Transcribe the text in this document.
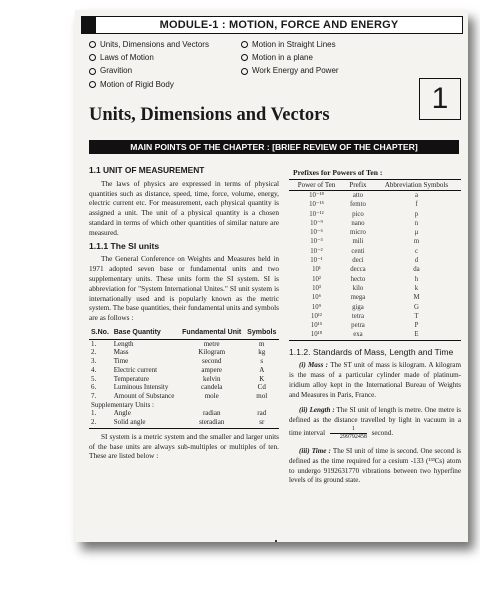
MODULE-1 : MOTION, FORCE AND ENERGY
Units, Dimensions and Vectors
Laws of Motion
Gravition
Motion of Rigid Body
Motion in Straight Lines
Motion in a plane
Work Energy and Power
1
Units, Dimensions and Vectors
MAIN POINTS OF THE CHAPTER : [BRIEF REVIEW OF THE CHAPTER]
1.1 UNIT OF MEASUREMENT

The laws of physics are expressed in terms of physical quantities such as distance, speed, time, force, volume, energy, electric current etc. For measurement, each physical quantity is assigned a unit. The unit of a physical quantity is a chosen standard in terms of which other quantities of similar nature are measured.

1.1.1 The SI units

The General Conference on Weights and Measures held in 1971 adopted seven base or fundamental units and two supplementary units. These units form the SI system. SI is abbreviation for "System International Unites." SI unit system is internationally used and is popularly known as the metric system. The base quantities, their fundamental units and symbols are as follows :

S.No.	Base Quantity	Fundamental Unit	Symbols
1.	Length	metre	m
2.	Mass	Kilogram	kg
3.	Time	second	s
4.	Electric current	ampere	A
5.	Temperature	kelvin	K
6.	Luminous Intensity	candela	Cd
7.	Amount of Substance	mole	mol
Supplementary Units :			
1.	Angle	radian	rad
2.	Solid angle	steradian	sr

SI system is a metric system and the smaller and larger units of the base units are always sub-multiples or multiples of ten. These are listed below :

Prefixes for Powers of Ten :
Power of Ten	Prefix	Abbreviation Symbols
10⁻¹⁸	atto	a
10⁻¹⁵	femto	f
10⁻¹²	pico	p
10⁻⁹	nano	n
10⁻⁶	micro	μ
10⁻³	mili	m
10⁻²	centi	c
10⁻¹	deci	d
10¹	decca	da
10²	hecto	h
10³	kilo	k
10⁶	mega	M
10⁹	giga	G
10¹²	tetra	T
10¹⁵	petra	P
10¹⁸	exa	E
1.1.2. Standards of Mass, Length and Time

(i) Mass : The ST unit of mass is kilogram. A kilogram is the mass of a particular cylinder made of platinum-iridium alloy kept in the International Bureau of Weights and Measures in Paris, France.

(ii) Length : The SI unit of length is metre. One metre is defined as the distance travelled by light in vacuum in a time interval $\frac{1}{299792458}$ second.

(iii) Time : The SI unit of time is second. One second is defined as the time required for a cesium -133 (¹³³Cs) atom to undergo 9192631770 vibrations between two hyperfine levels of its ground state.
